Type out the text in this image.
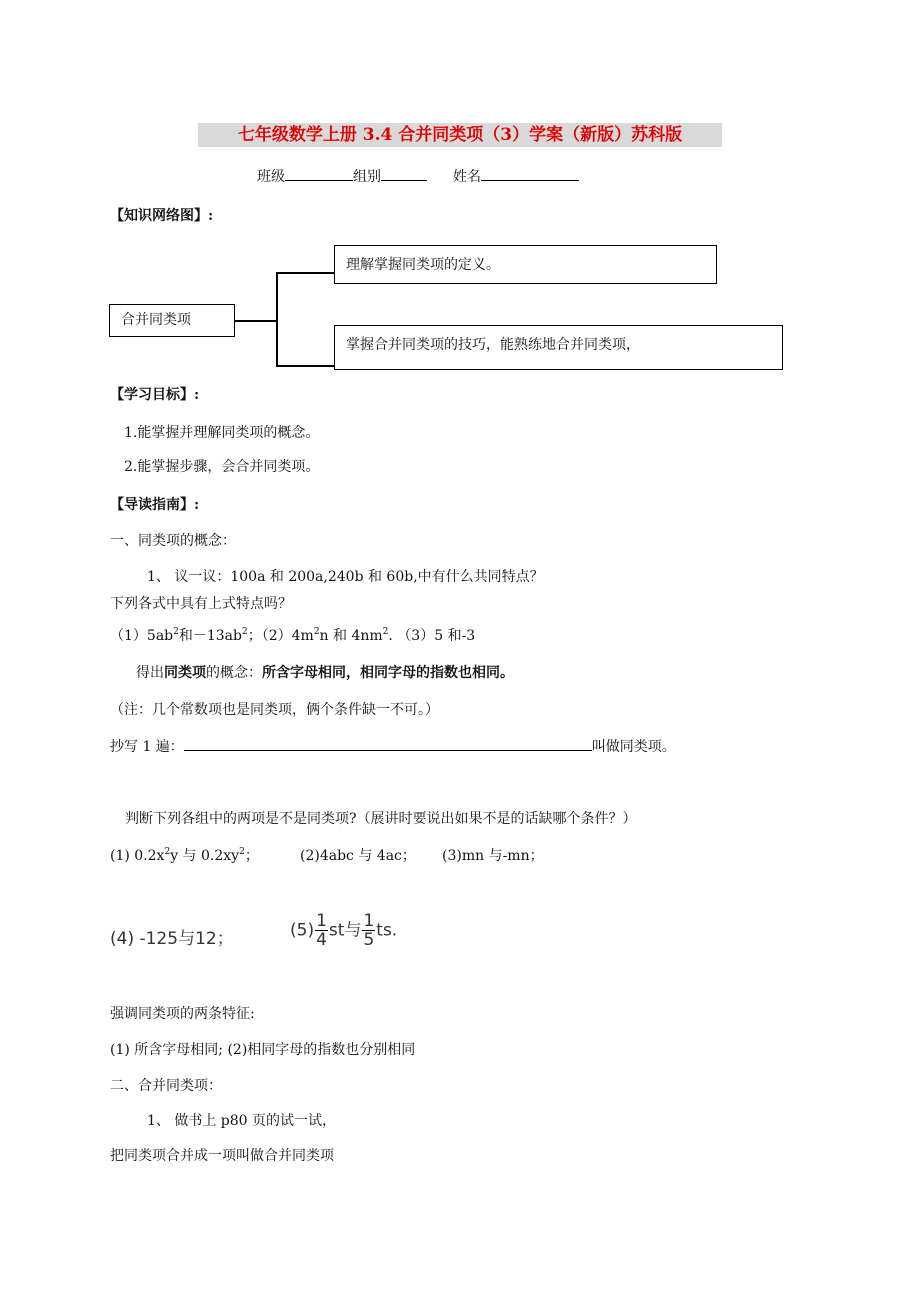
七年级数学上册 3.4 合并同类项（3）学案（新版）苏科版
班级	组别	姓名
【知识网络图】:
合并同类项
理解掌握同类项的定义。
掌握合并同类项的技巧，能熟练地合并同类项，
【学习目标】:
1.能掌握并理解同类项的概念。
2.能掌握步骤，会合并同类项。
【导读指南】:
一、同类项的概念：
1、 议一议：100a 和 200a,240b 和 60b,中有什么共同特点？
下列各式中具有上式特点吗？
$(1)5ab^2$和$-13ab^2$；$(2)4m^2n$ 和 $4nm^2$. （3）5 和-3
得出同类项的概念：所含字母相同，相同字母的指数也相同。
（注：几个常数项也是同类项，俩个条件缺一不可。）
抄写 1 遍：	叫做同类项。
判断下列各组中的两项是不是同类项?（展讲时要说出如果不是的话缺哪个条件？）
(1) $0.2x^2y$ 与 $0.2xy^2$；	(2)4abc 与 4ac； (3)mn 与-mn；
(4) -125与12；	$(5) \frac{1}{4}$ st与 $\frac{1}{5}$ ts.
强调同类项的两条特征:
(1) 所含字母相同; (2)相同字母的指数也分别相同
二、合并同类项：
1、 做书上 p80 页的试一试，
把同类项合并成一项叫做合并同类项
